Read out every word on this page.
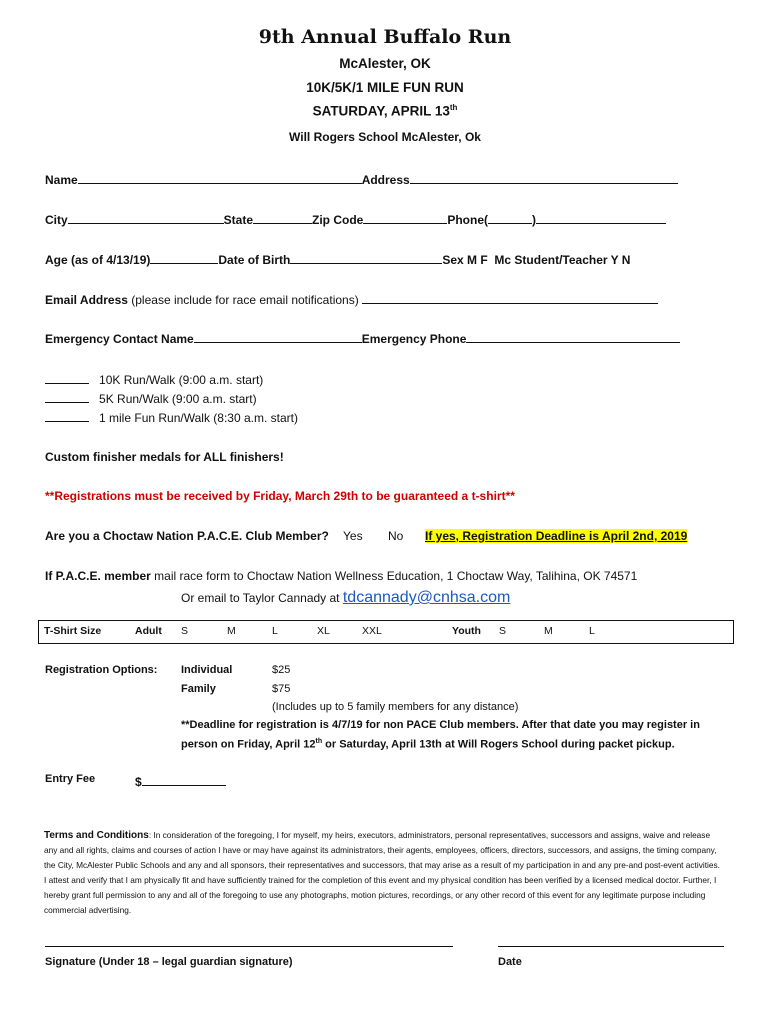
9th Annual Buffalo Run
McAlester, OK
10K/5K/1 MILE FUN RUN
SATURDAY, APRIL 13th
Will Rogers School McAlester, Ok
Name	Address
City	State	Zip Code	Phone(	)
Age (as of 4/13/19)	Date of Birth	Sex M F Mc Student/Teacher Y N
Email Address (please include for race email notifications)
Emergency Contact Name	Emergency Phone
10K Run/Walk (9:00 a.m. start)
5K Run/Walk (9:00 a.m. start)
1 mile Fun Run/Walk (8:30 a.m. start)
Custom finisher medals for ALL finishers!
**Registrations must be received by Friday, March 29th to be guaranteed a t-shirt**
Are you a Choctaw Nation P.A.C.E. Club Member? Yes No If yes, Registration Deadline is April 2nd, 2019
If P.A.C.E. member mail race form to Choctaw Nation Wellness Education, 1 Choctaw Way, Talihina, OK 74571
Or email to Taylor Cannady at tdcannady@cnhsa.com
T-Shirt Size	Adult S	M	L	XL	XXL	Youth S	M	L
Registration Options: Individual	$25
Family	$75
(Includes up to 5 family members for any distance)
**Deadline for registration is 4/7/19 for non PACE Club members. After that date you may register in
person on Friday, April 12th or Saturday, April 13th at Will Rogers School during packet pickup.
Entry Fee	$
Terms and Conditions: In consideration of the foregoing, I for myself, my heirs, executors, administrators, personal representatives, successors and assigns, waive and release any and all rights, claims and courses of action I have or may have against its administrators, their agents, employees, officers, directors, successors, and assigns, the timing company, the City, McAlester Public Schools and any and all sponsors, their representatives and successors, that may arise as a result of my participation in and any pre-and post-event activities. I attest and verify that I am physically fit and have sufficiently trained for the completion of this event and my physical condition has been verified by a licensed medical doctor. Further, I hereby grant full permission to any and all of the foregoing to use any photographs, motion pictures, recordings, or any other record of this event for any legitimate purpose including commercial advertising.
Signature (Under 18 – legal guardian signature)	Date
